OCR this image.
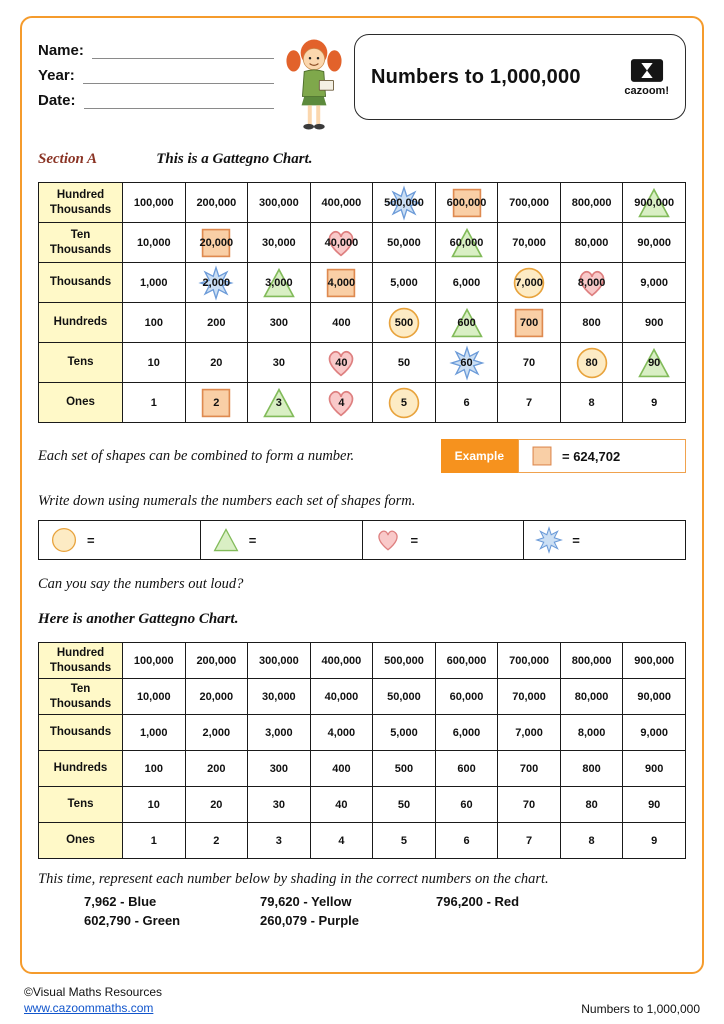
Name:
Year:
Date:
Numbers to 1,000,000
cazoom!
Section A	This is a Gattegno Chart.
Hundred Thousands	100,000	200,000	300,000	400,000	500,000	600,000	700,000	800,000	900,000

Ten Thousands	10,000	20,000	30,000	40,000	50,000	60,000	70,000	80,000	90,000

Thousands	1,000	2,000	3,000	4,000	5,000	6,000	7,000	8,000	9,000

Hundreds	100	200	300	400	500	600	700	800	900

Tens	10	20	30	40	50	60	70	80	90

Ones	1	2	3	4	5	6	7	8	9

Each set of shapes can be combined to form a number.	Example	= 624,702

Write down using numerals the numbers each set of shapes form.

=	=	=	=

Can you say the numbers out loud?

Here is another Gattegno Chart.

Hundred Thousands	100,000	200,000	300,000	400,000	500,000	600,000	700,000	800,000	900,000

Ten Thousands	10,000	20,000	30,000	40,000	50,000	60,000	70,000	80,000	90,000

Thousands	1,000	2,000	3,000	4,000	5,000	6,000	7,000	8,000	9,000

Hundreds	100	200	300	400	500	600	700	800	900

Tens	10	20	30	40	50	60	70	80	90

Ones	1	2	3	4	5	6	7	8	9

This time, represent each number below by shading in the correct numbers on the chart.

7,962 - Blue	79,620 - Yellow	796,200 - Red
602,790 - Green	260,079 - Purple
©Visual Maths Resources
www.cazoommaths.com	Numbers to 1,000,000
